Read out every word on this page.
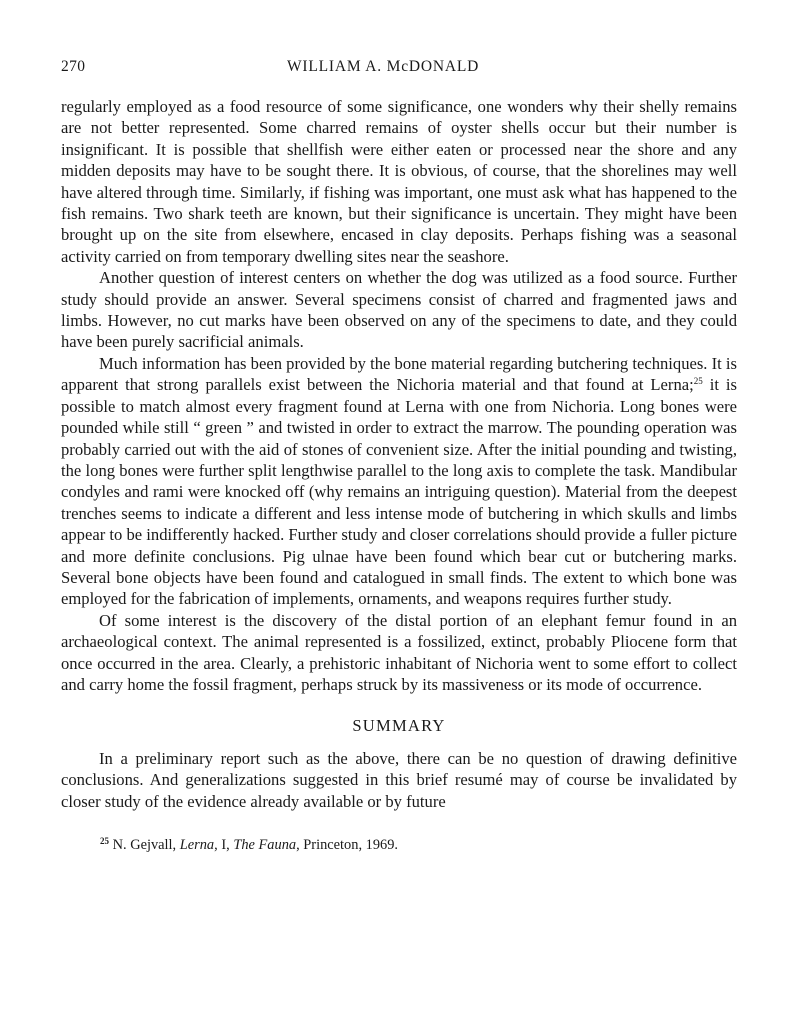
270	WILLIAM A. McDONALD

regularly employed as a food resource of some significance, one wonders why their shelly remains are not better represented. Some charred remains of oyster shells occur but their number is insignificant. It is possible that shellfish were either eaten or processed near the shore and any midden deposits may have to be sought there. It is obvious, of course, that the shorelines may well have altered through time. Similarly, if fishing was important, one must ask what has happened to the fish remains. Two shark teeth are known, but their significance is uncertain. They might have been brought up on the site from elsewhere, encased in clay deposits. Perhaps fishing was a seasonal activity carried on from temporary dwelling sites near the seashore.

Another question of interest centers on whether the dog was utilized as a food source. Further study should provide an answer. Several specimens consist of charred and fragmented jaws and limbs. However, no cut marks have been observed on any of the specimens to date, and they could have been purely sacrificial animals.

Much information has been provided by the bone material regarding butchering techniques. It is apparent that strong parallels exist between the Nichoria material and that found at Lerna;$^{25}$ it is possible to match almost every fragment found at Lerna with one from Nichoria. Long bones were pounded while still “ green ” and twisted in order to extract the marrow. The pounding operation was probably carried out with the aid of stones of convenient size. After the initial pounding and twisting, the long bones were further split lengthwise parallel to the long axis to complete the task. Mandibular condyles and rami were knocked off (why remains an intriguing question). Material from the deepest trenches seems to indicate a different and less intense mode of butchering in which skulls and limbs appear to be indifferently hacked. Further study and closer correlations should provide a fuller picture and more definite conclusions. Pig ulnae have been found which bear cut or butchering marks. Several bone objects have been found and catalogued in small finds. The extent to which bone was employed for the fabrication of implements, ornaments, and weapons requires further study.

Of some interest is the discovery of the distal portion of an elephant femur found in an archaeological context. The animal represented is a fossilized, extinct, probably Pliocene form that once occurred in the area. Clearly, a prehistoric inhabitant of Nichoria went to some effort to collect and carry home the fossil fragment, perhaps struck by its massiveness or its mode of occurrence.

SUMMARY

In a preliminary report such as the above, there can be no question of drawing definitive conclusions. And generalizations suggested in this brief resumé may of course be invalidated by closer study of the evidence already available or by future

$^{25}$ N. Gejvall, Lerna, I, The Fauna, Princeton, 1969.
